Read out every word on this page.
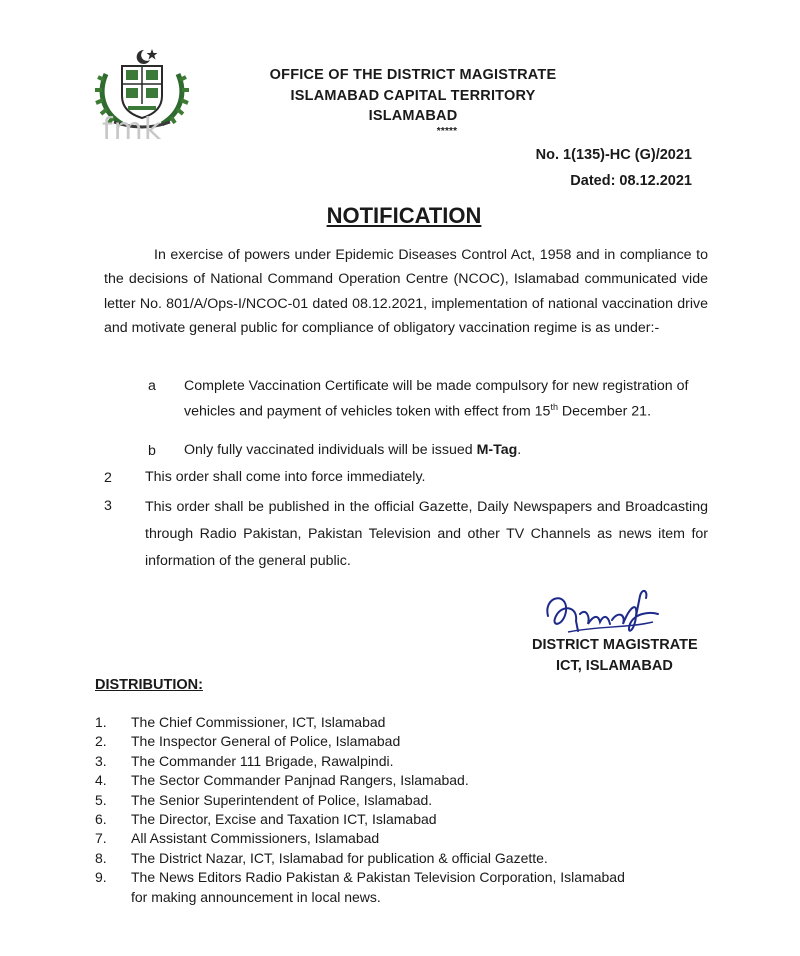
fmk
OFFICE OF THE DISTRICT MAGISTRATE
ISLAMABAD CAPITAL TERRITORY
ISLAMABAD
*****
No. 1(135)-HC (G)/2021
Dated: 08.12.2021
NOTIFICATION
In exercise of powers under Epidemic Diseases Control Act, 1958 and in compliance to the decisions of National Command Operation Centre (NCOC), Islamabad communicated vide letter No. 801/A/Ops-I/NCOC-01 dated 08.12.2021, implementation of national vaccination drive and motivate general public for compliance of obligatory vaccination regime is as under:-
a Complete Vaccination Certificate will be made compulsory for new registration of vehicles and payment of vehicles token with effect from 15th December 21.
b Only fully vaccinated individuals will be issued M-Tag.
2 This order shall come into force immediately.
3 This order shall be published in the official Gazette, Daily Newspapers and Broadcasting through Radio Pakistan, Pakistan Television and other TV Channels as news item for information of the general public.
DISTRICT MAGISTRATE
ICT, ISLAMABAD
DISTRIBUTION:
1. The Chief Commissioner, ICT, Islamabad
2. The Inspector General of Police, Islamabad
3. The Commander 111 Brigade, Rawalpindi.
4. The Sector Commander Panjnad Rangers, Islamabad.
5. The Senior Superintendent of Police, Islamabad.
6. The Director, Excise and Taxation ICT, Islamabad
7. All Assistant Commissioners, Islamabad
8. The District Nazar, ICT, Islamabad for publication & official Gazette.
9. The News Editors Radio Pakistan & Pakistan Television Corporation, Islamabad
for making announcement in local news.
